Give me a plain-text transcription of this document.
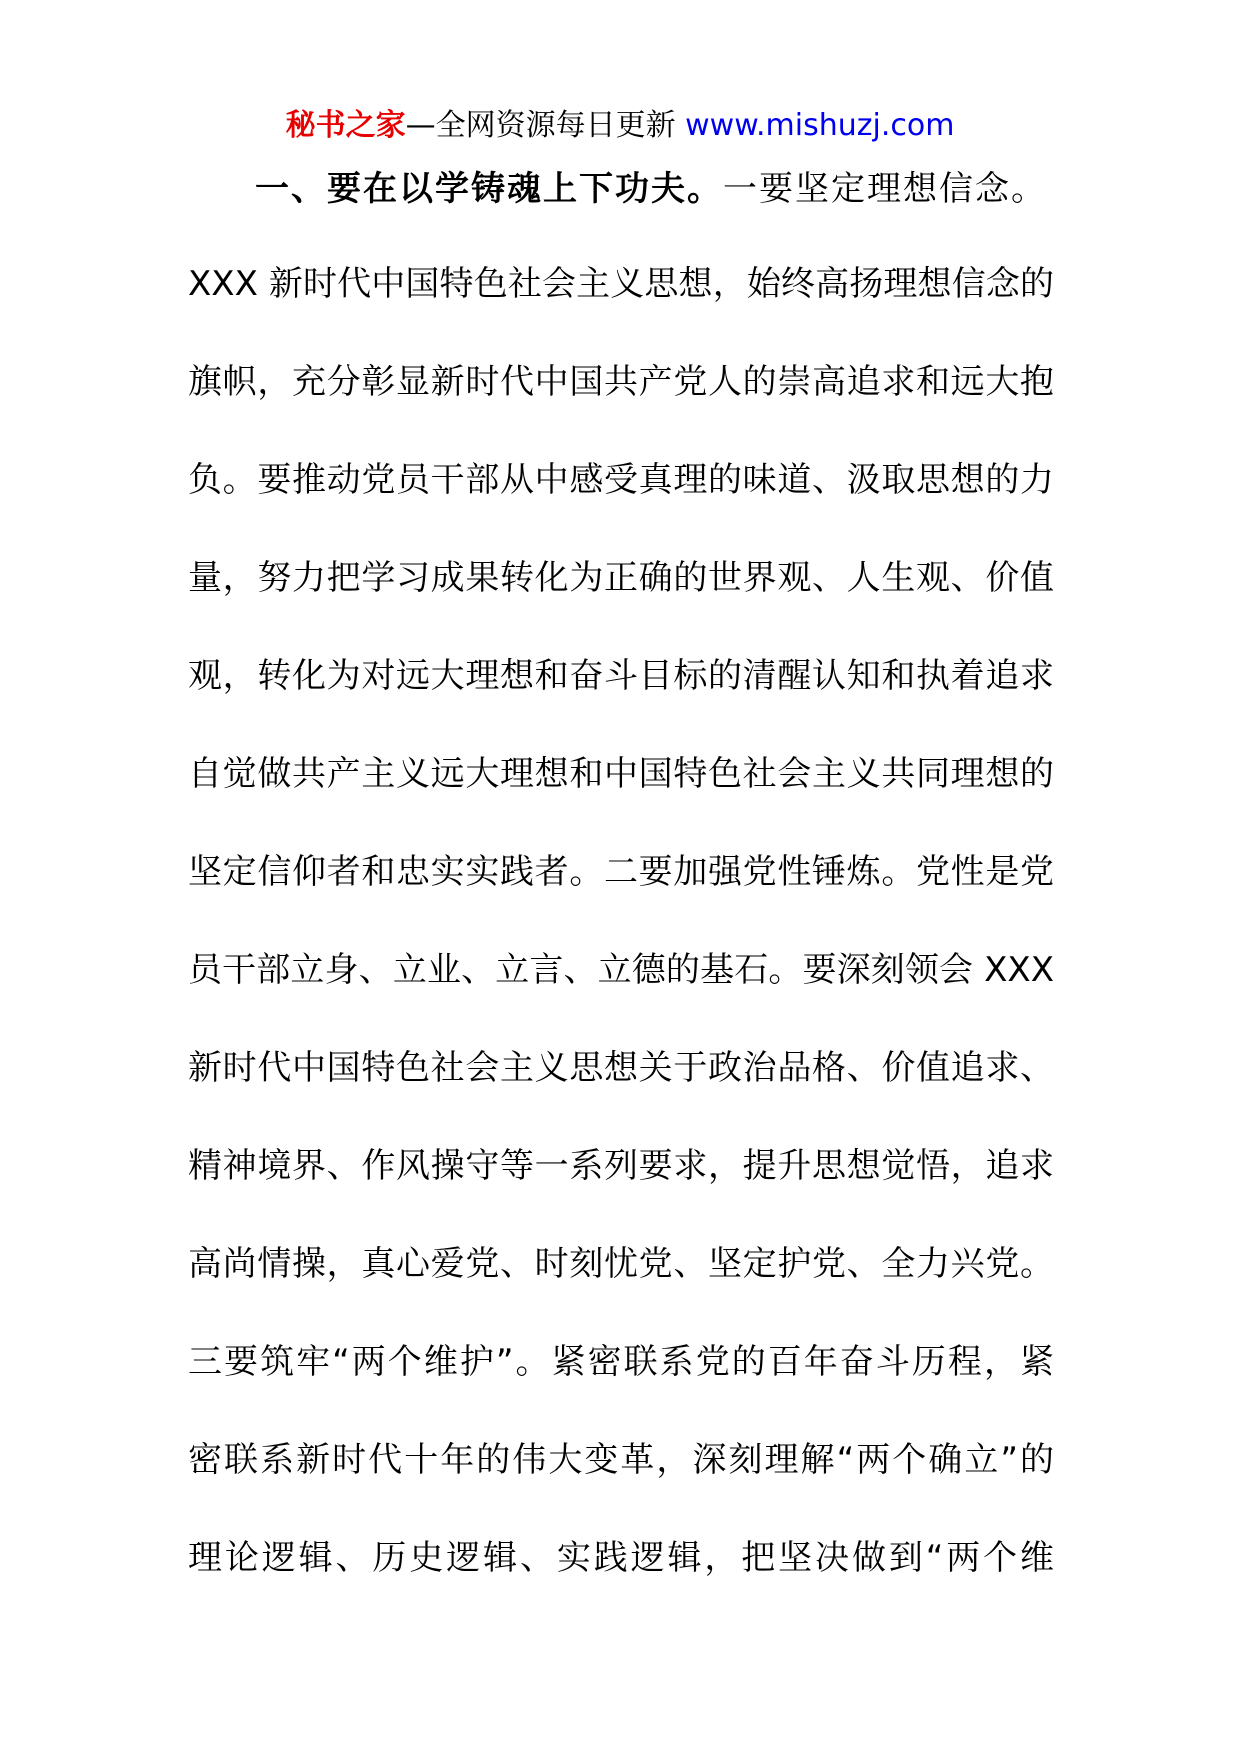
秘书之家—全网资源每日更新 www.mishuzj.com
一、要在以学铸魂上下功夫。一要坚定理想信念。
XXX 新时代中国特色社会主义思想，始终高扬理想信念的
旗帜，充分彰显新时代中国共产党人的崇高追求和远大抱
负。要推动党员干部从中感受真理的味道、汲取思想的力
量，努力把学习成果转化为正确的世界观、人生观、价值
观，转化为对远大理想和奋斗目标的清醒认知和执着追求
自觉做共产主义远大理想和中国特色社会主义共同理想的
坚定信仰者和忠实实践者。二要加强党性锤炼。党性是党
员干部立身、立业、立言、立德的基石。要深刻领会 XXX
新时代中国特色社会主义思想关于政治品格、价值追求、
精神境界、作风操守等一系列要求，提升思想觉悟，追求
高尚情操，真心爱党、时刻忧党、坚定护党、全力兴党。
三要筑牢“两个维护”。紧密联系党的百年奋斗历程，紧
密联系新时代十年的伟大变革，深刻理解“两个确立”的
理论逻辑、历史逻辑、实践逻辑，把坚决做到“两个维
